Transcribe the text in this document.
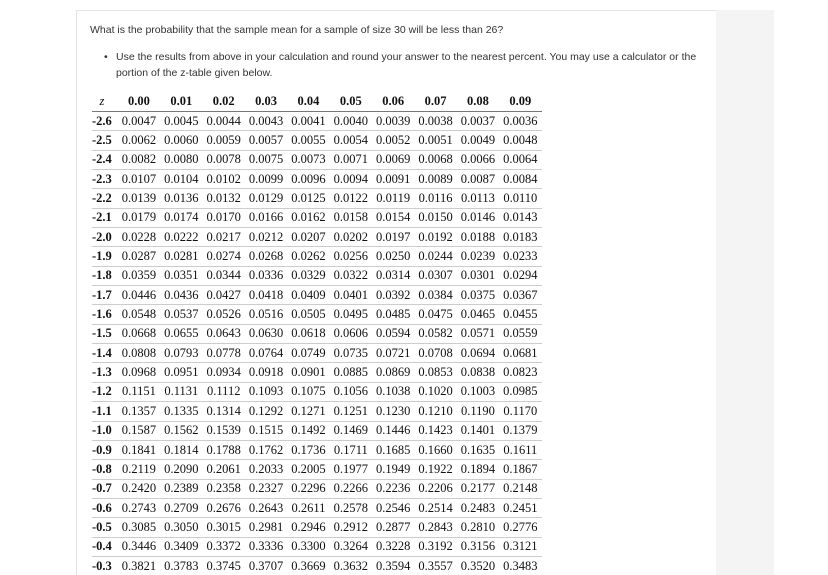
What is the probability that the sample mean for a sample of size 30 will be less than 26?
• Use the results from above in your calculation and round your answer to the nearest percent. You may use a calculator or the portion of the z-table given below.
z	0.00	0.01	0.02	0.03	0.04	0.05	0.06	0.07	0.08	0.09
-2.6	0.0047	0.0045	0.0044	0.0043	0.0041	0.0040	0.0039	0.0038	0.0037	0.0036
-2.5	0.0062	0.0060	0.0059	0.0057	0.0055	0.0054	0.0052	0.0051	0.0049	0.0048
-2.4	0.0082	0.0080	0.0078	0.0075	0.0073	0.0071	0.0069	0.0068	0.0066	0.0064
-2.3	0.0107	0.0104	0.0102	0.0099	0.0096	0.0094	0.0091	0.0089	0.0087	0.0084
-2.2	0.0139	0.0136	0.0132	0.0129	0.0125	0.0122	0.0119	0.0116	0.0113	0.0110
-2.1	0.0179	0.0174	0.0170	0.0166	0.0162	0.0158	0.0154	0.0150	0.0146	0.0143
-2.0	0.0228	0.0222	0.0217	0.0212	0.0207	0.0202	0.0197	0.0192	0.0188	0.0183
-1.9	0.0287	0.0281	0.0274	0.0268	0.0262	0.0256	0.0250	0.0244	0.0239	0.0233
-1.8	0.0359	0.0351	0.0344	0.0336	0.0329	0.0322	0.0314	0.0307	0.0301	0.0294
-1.7	0.0446	0.0436	0.0427	0.0418	0.0409	0.0401	0.0392	0.0384	0.0375	0.0367
-1.6	0.0548	0.0537	0.0526	0.0516	0.0505	0.0495	0.0485	0.0475	0.0465	0.0455
-1.5	0.0668	0.0655	0.0643	0.0630	0.0618	0.0606	0.0594	0.0582	0.0571	0.0559
-1.4	0.0808	0.0793	0.0778	0.0764	0.0749	0.0735	0.0721	0.0708	0.0694	0.0681
-1.3	0.0968	0.0951	0.0934	0.0918	0.0901	0.0885	0.0869	0.0853	0.0838	0.0823
-1.2	0.1151	0.1131	0.1112	0.1093	0.1075	0.1056	0.1038	0.1020	0.1003	0.0985
-1.1	0.1357	0.1335	0.1314	0.1292	0.1271	0.1251	0.1230	0.1210	0.1190	0.1170
-1.0	0.1587	0.1562	0.1539	0.1515	0.1492	0.1469	0.1446	0.1423	0.1401	0.1379
-0.9	0.1841	0.1814	0.1788	0.1762	0.1736	0.1711	0.1685	0.1660	0.1635	0.1611
-0.8	0.2119	0.2090	0.2061	0.2033	0.2005	0.1977	0.1949	0.1922	0.1894	0.1867
-0.7	0.2420	0.2389	0.2358	0.2327	0.2296	0.2266	0.2236	0.2206	0.2177	0.2148
-0.6	0.2743	0.2709	0.2676	0.2643	0.2611	0.2578	0.2546	0.2514	0.2483	0.2451
-0.5	0.3085	0.3050	0.3015	0.2981	0.2946	0.2912	0.2877	0.2843	0.2810	0.2776
-0.4	0.3446	0.3409	0.3372	0.3336	0.3300	0.3264	0.3228	0.3192	0.3156	0.3121
-0.3	0.3821	0.3783	0.3745	0.3707	0.3669	0.3632	0.3594	0.3557	0.3520	0.3483
